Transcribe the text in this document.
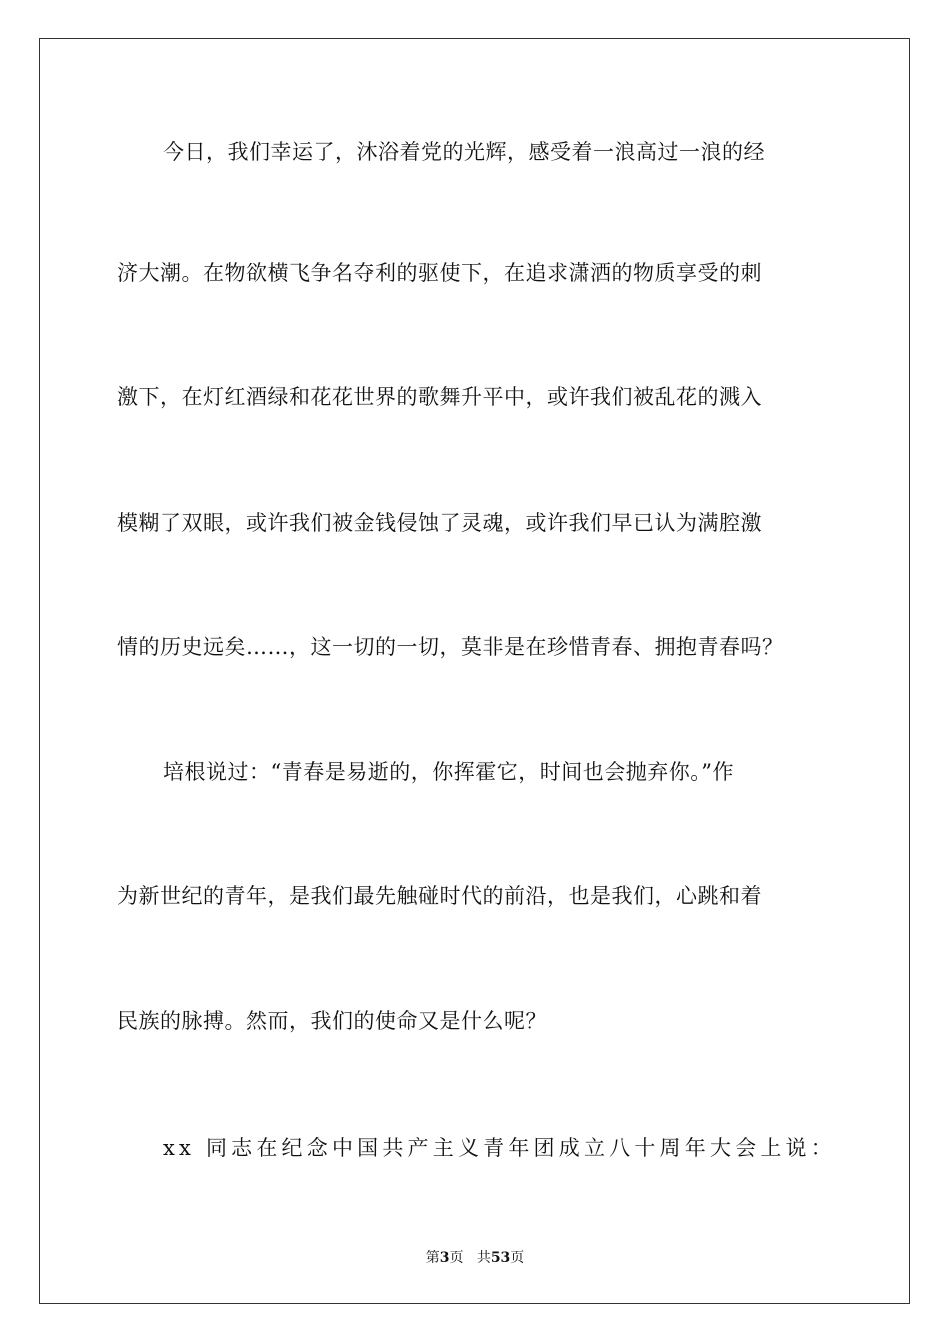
今日，我们幸运了，沐浴着党的光辉，感受着一浪高过一浪的经
济大潮。在物欲横飞争名夺利的驱使下，在追求潇洒的物质享受的刺
激下，在灯红酒绿和花花世界的歌舞升平中，或许我们被乱花的溅入
模糊了双眼，或许我们被金钱侵蚀了灵魂，或许我们早已认为满腔激
情的历史远矣……，这一切的一切，莫非是在珍惜青春、拥抱青春吗？
培根说过：“青春是易逝的，你挥霍它，时间也会抛弃你。”作
为新世纪的青年，是我们最先触碰时代的前沿，也是我们，心跳和着
民族的脉搏。然而，我们的使命又是什么呢？
xx 同志在纪念中国共产主义青年团成立八十周年大会上说：
第3页 共53页
